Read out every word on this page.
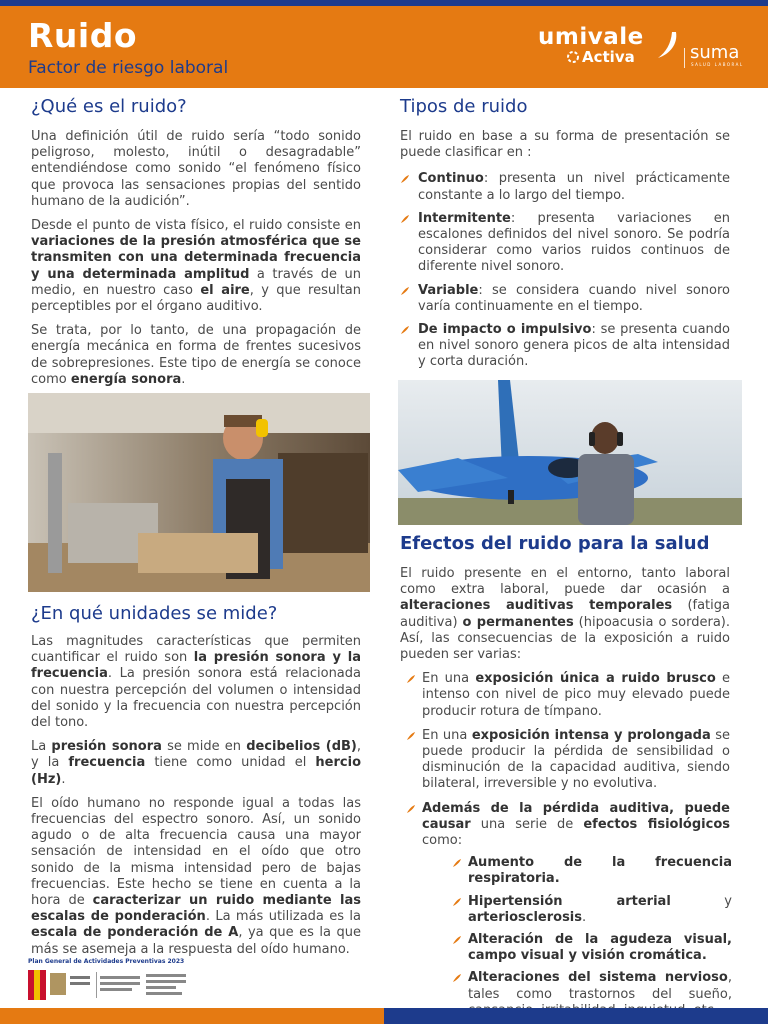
Ruido
Factor de riesgo laboral
umivale
Activa	suma
SALUD LABORAL
¿Qué es el ruido?

Una definición útil de ruido sería “todo sonido peligroso, molesto, inútil o desagradable” entendiéndose como sonido “el fenómeno físico que provoca las sensaciones propias del sentido humano de la audición”.

Desde el punto de vista físico, el ruido consiste en variaciones de la presión atmosférica que se transmiten con una determinada frecuencia y una determinada amplitud a través de un medio, en nuestro caso el aire, y que resultan perceptibles por el órgano auditivo.

Se trata, por lo tanto, de una propagación de energía mecánica en forma de frentes sucesivos de sobrepresiones. Este tipo de energía se conoce como energía sonora.

¿En qué unidades se mide?

Las magnitudes características que permiten cuantificar el ruido son la presión sonora y la frecuencia. La presión sonora está relacionada con nuestra percepción del volumen o intensidad del sonido y la frecuencia con nuestra percepción del tono.

La presión sonora se mide en decibelios (dB), y la frecuencia tiene como unidad el hercio (Hz).

El oído humano no responde igual a todas las frecuencias del espectro sonoro. Así, un sonido agudo o de alta frecuencia causa una mayor sensación de intensidad en el oído que otro sonido de la misma intensidad pero de bajas frecuencias. Este hecho se tiene en cuenta a la hora de caracterizar un ruido mediante las escalas de ponderación. La más utilizada es la escala de ponderación de A, ya que es la que más se asemeja a la respuesta del oído humano.

Tipos de ruido

El ruido en base a su forma de presentación se puede clasificar en :

Continuo: presenta un nivel prácticamente constante a lo largo del tiempo.
Intermitente: presenta variaciones en escalones definidos del nivel sonoro. Se podría considerar como varios ruidos continuos de diferente nivel sonoro.
Variable: se considera cuando nivel sonoro varía continuamente en el tiempo.
De impacto o impulsivo: se presenta cuando en nivel sonoro genera picos de alta intensidad y corta duración.
Efectos del ruido para la salud

El ruido presente en el entorno, tanto laboral como extra laboral, puede dar ocasión a alteraciones auditivas temporales (fatiga auditiva) o permanentes (hipoacusia o sordera). Así, las consecuencias de la exposición a ruido pueden ser varias:

En una exposición única a ruido brusco e intenso con nivel de pico muy elevado puede producir rotura de tímpano.
En una exposición intensa y prolongada se puede producir la pérdida de sensibilidad o disminución de la capacidad auditiva, siendo bilateral, irreversible y no evolutiva.
Además de la pérdida auditiva, puede causar una serie de efectos fisiológicos como:
Aumento de la frecuencia respiratoria.
Hipertensión arterial y arteriosclerosis.
Alteración de la agudeza visual, campo visual y visión cromática.
Alteraciones del sistema nervioso, tales como trastornos del sueño,
Plan General de Actividades Preventivas 2023
